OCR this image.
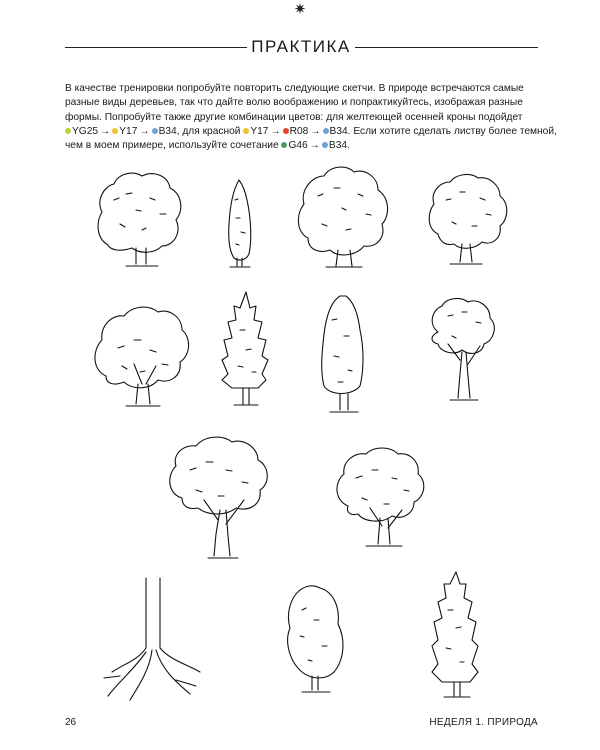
✷
ПРАКТИКА
В качестве тренировки попробуйте повторить следующие скетчи. В природе встречаются самые
разные виды деревьев, так что дайте волю воображению и попрактикуйтесь, изображая разные
формы. Попробуйте также другие комбинации цветов: для желтеющей осенней кроны подойдет
YG25 → Y17 → B34, для красной Y17 → R08 → B34. Если хотите сделать листву более темной,
чем в моем примере, используйте сочетание G46 → B34.
26	НЕДЕЛЯ 1. ПРИРОДА
